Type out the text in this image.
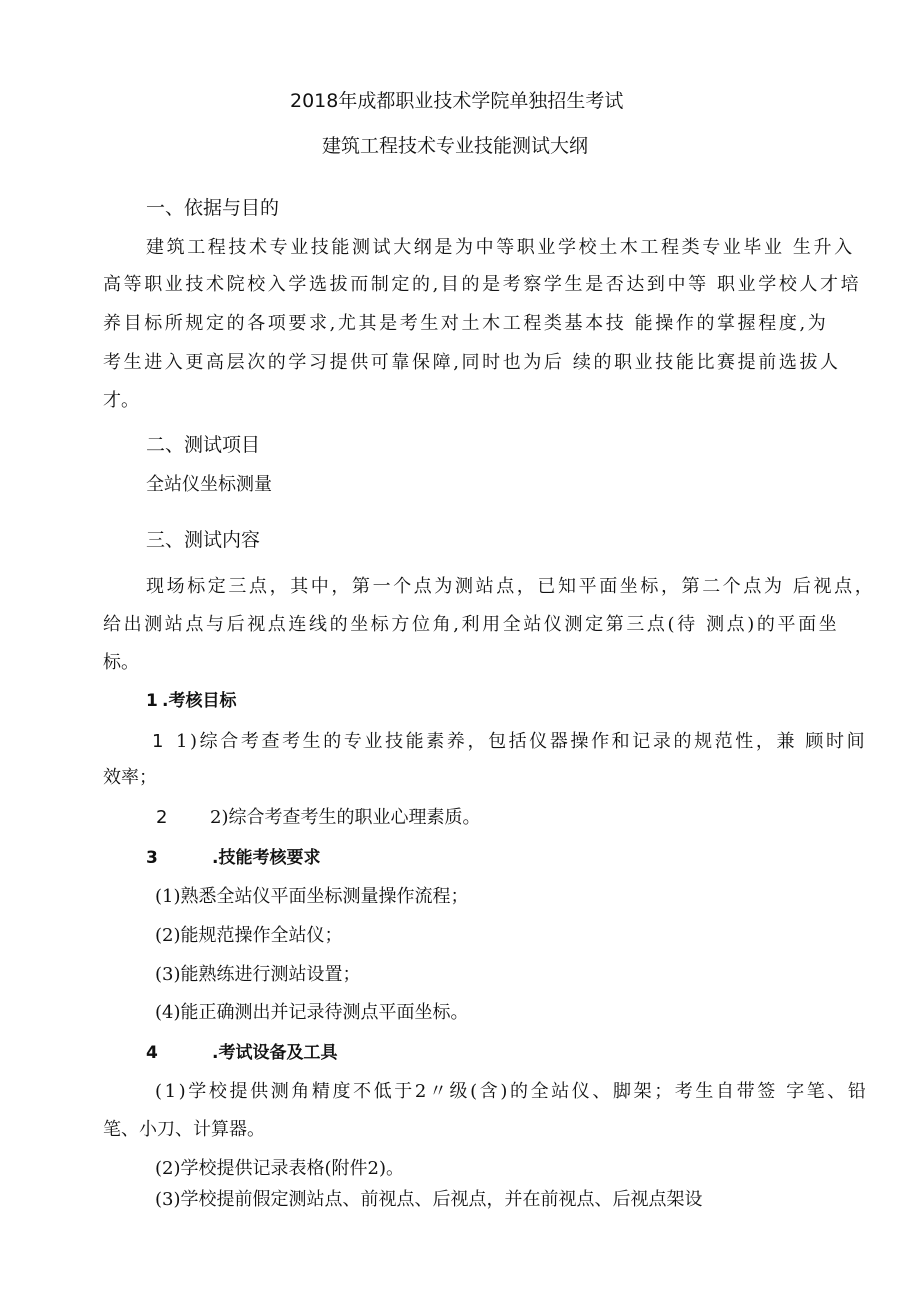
2018年成都职业技术学院单独招生考试
建筑工程技术专业技能测试大纲
一、依据与目的
建筑工程技术专业技能测试大纲是为中等职业学校土木工程类专业毕业 生升入
高等职业技术院校入学选拔而制定的,目的是考察学生是否达到中等 职业学校人才培
养目标所规定的各项要求,尤其是考生对土木工程类基本技 能操作的掌握程度,为
考生进入更高层次的学习提供可靠保障,同时也为后 续的职业技能比赛提前选拔人
才。
二、测试项目
全站仪坐标测量
三、测试内容
现场标定三点，其中，第一个点为测站点，已知平面坐标，第二个点为 后视点，
给出测站点与后视点连线的坐标方位角,利用全站仪测定第三点(待 测点)的平面坐
标。
1 .考核目标
1 1)综合考查考生的专业技能素养，包括仪器操作和记录的规范性，兼 顾时间
效率；
2 2)综合考查考生的职业心理素质。
3	.技能考核要求
(1)熟悉全站仪平面坐标测量操作流程；
(2)能规范操作全站仪；
(3)能熟练进行测站设置；
(4)能正确测出并记录待测点平面坐标。
4	.考试设备及工具
(1)学校提供测角精度不低于2〃级(含)的全站仪、脚架；考生自带签 字笔、铅
笔、小刀、计算器。
(2)学校提供记录表格(附件2)。
(3)学校提前假定测站点、前视点、后视点，并在前视点、后视点架设
